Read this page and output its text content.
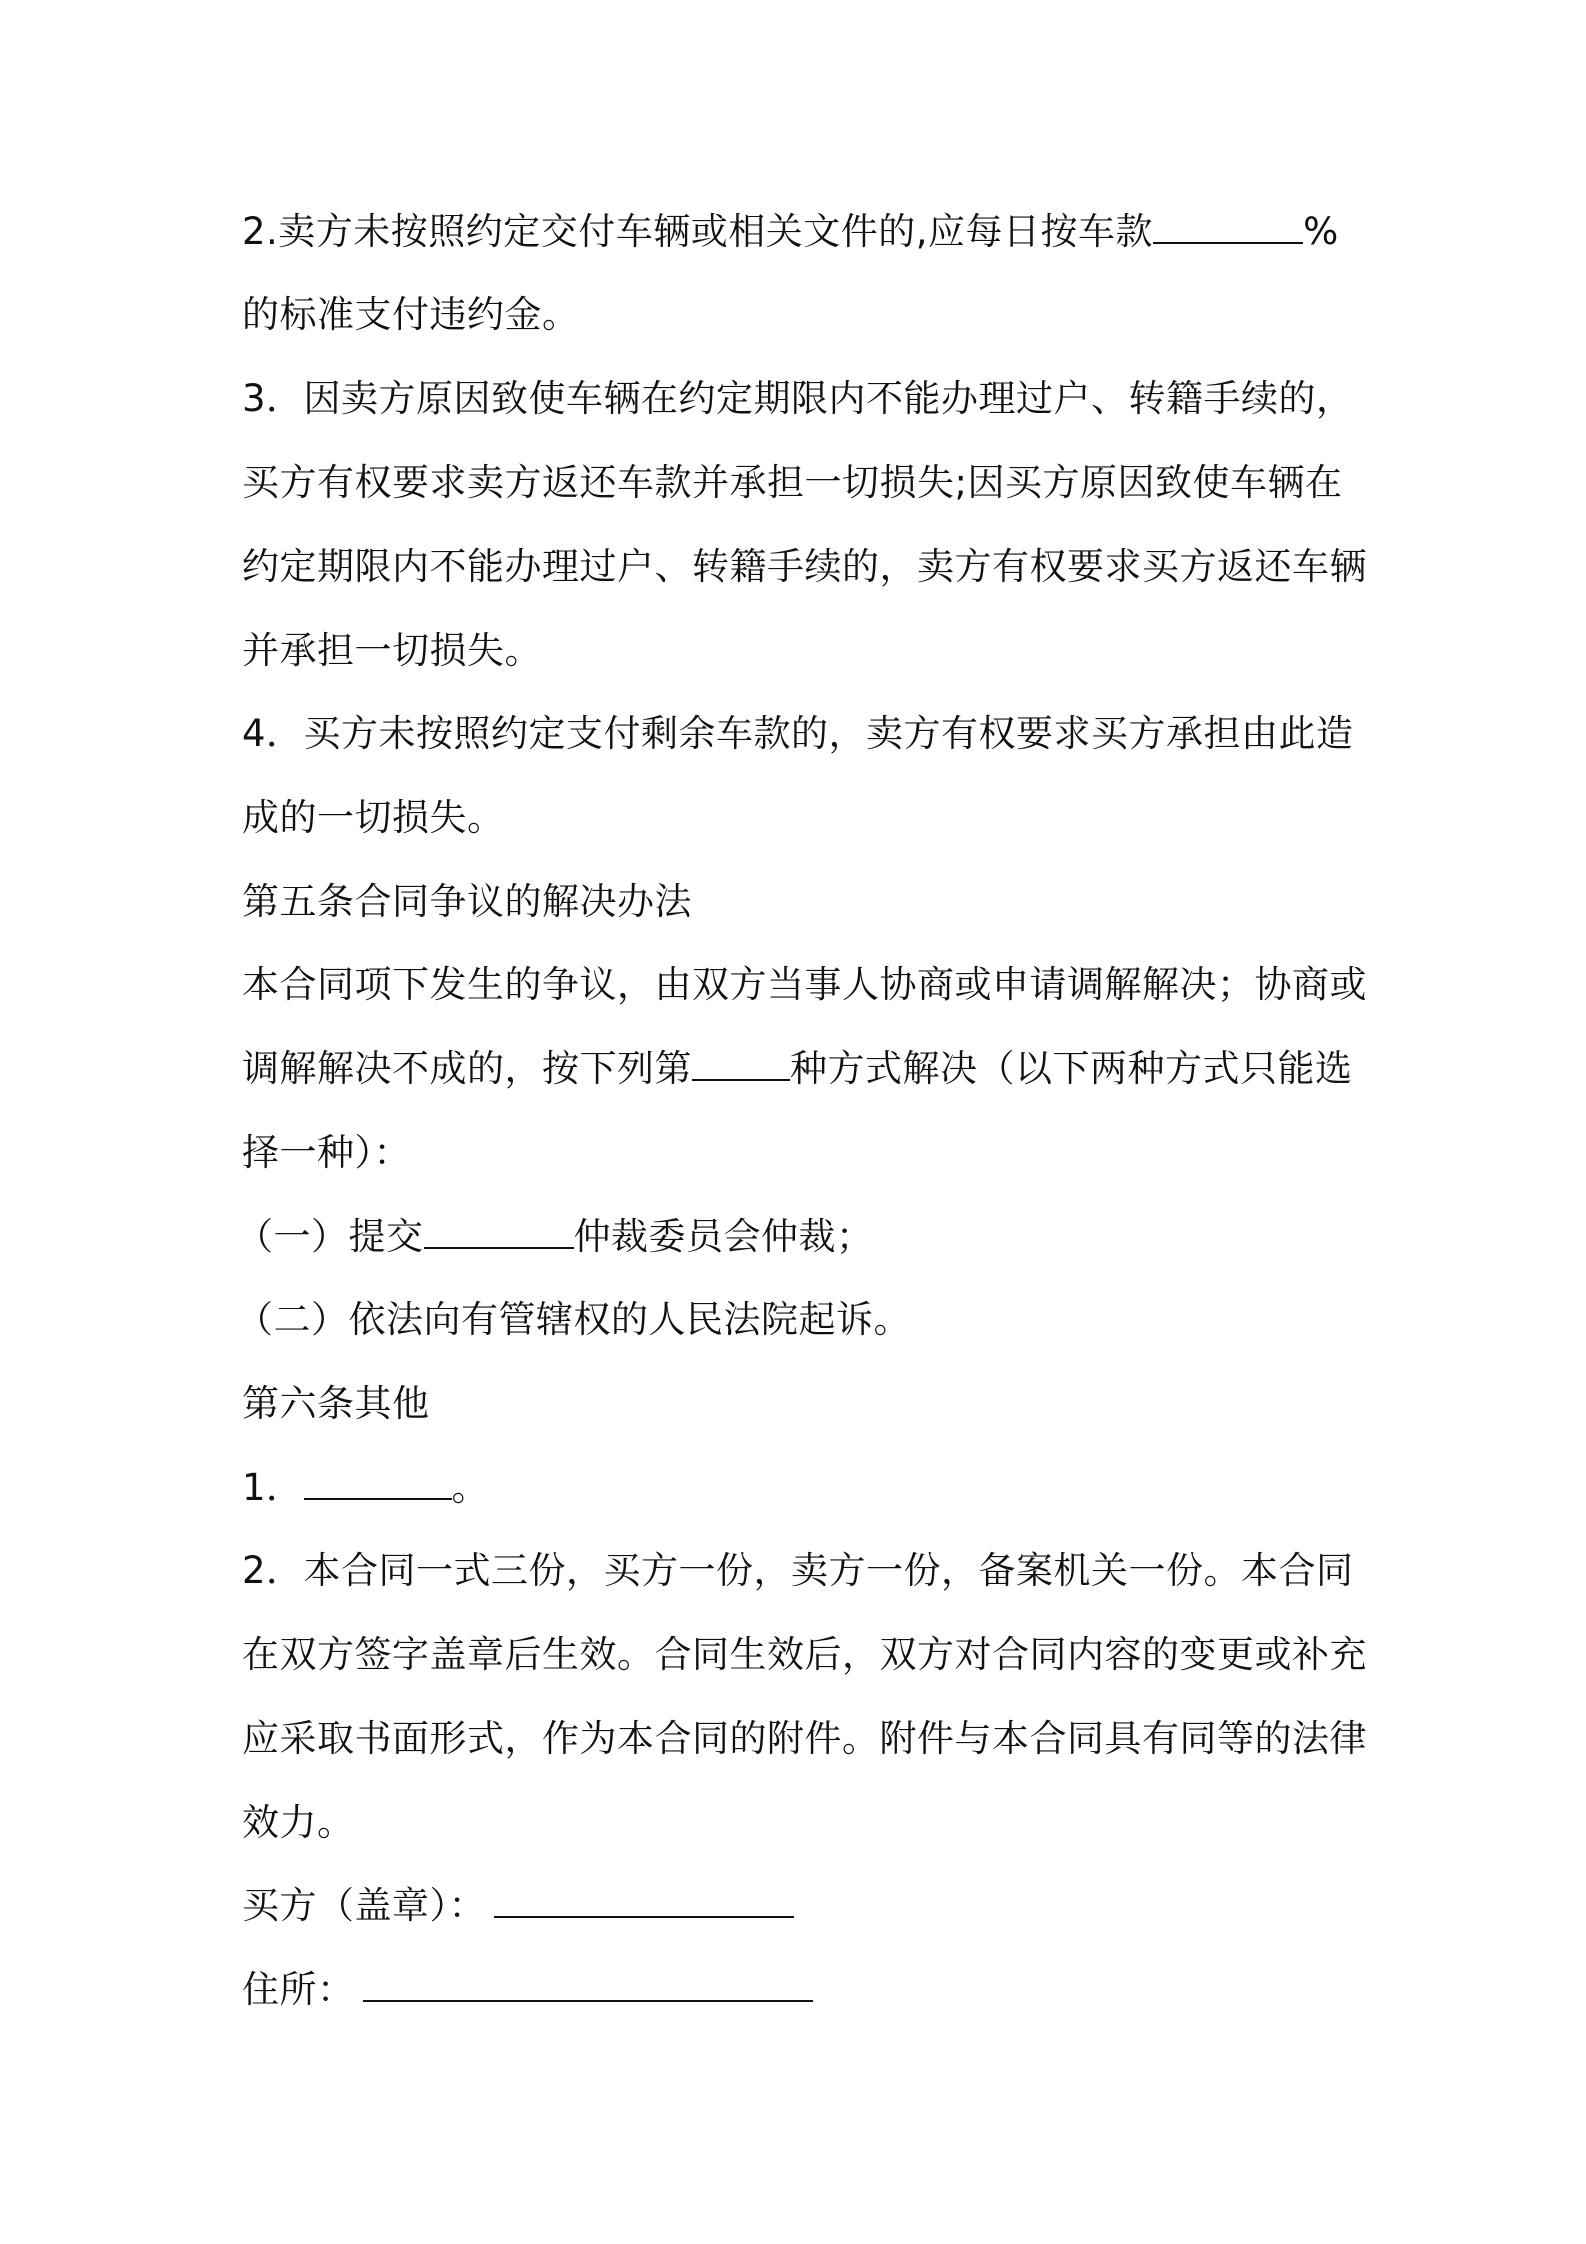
2.卖方未按照约定交付车辆或相关文件的,应每日按车款	%
的标准支付违约金。
3．因卖方原因致使车辆在约定期限内不能办理过户、转籍手续的，
买方有权要求卖方返还车款并承担一切损失;因买方原因致使车辆在
约定期限内不能办理过户、转籍手续的，卖方有权要求买方返还车辆
并承担一切损失。
4．买方未按照约定支付剩余车款的，卖方有权要求买方承担由此造
成的一切损失。
第五条合同争议的解决办法
本合同项下发生的争议，由双方当事人协商或申请调解解决；协商或
调解解决不成的，按下列第	种方式解决（以下两种方式只能选
择一种）：
（一）提交	仲裁委员会仲裁；
（二）依法向有管辖权的人民法院起诉。
第六条其他
1．	。
2．本合同一式三份，买方一份，卖方一份，备案机关一份。本合同
在双方签字盖章后生效。合同生效后，双方对合同内容的变更或补充
应采取书面形式，作为本合同的附件。附件与本合同具有同等的法律
效力。
买方（盖章）：
住所：
